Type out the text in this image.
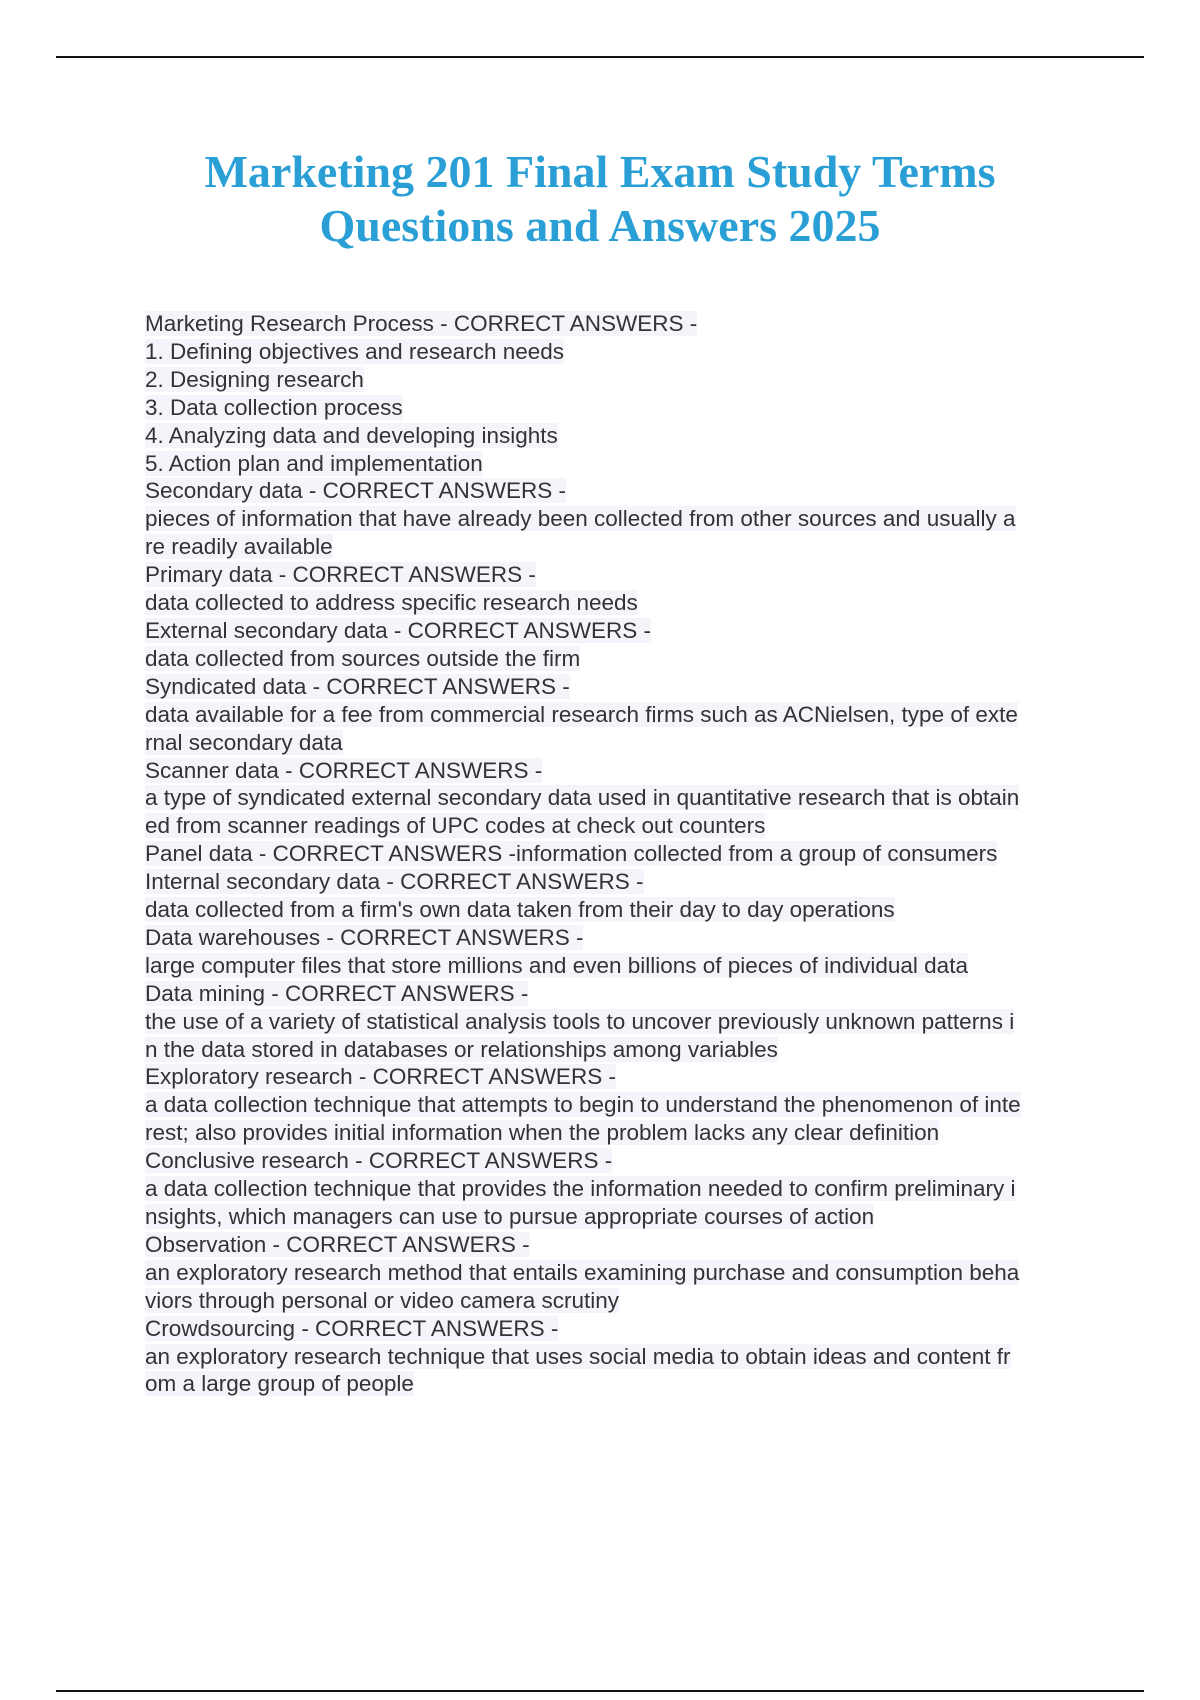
Marketing 201 Final Exam Study Terms
Questions and Answers 2025
Marketing Research Process - CORRECT ANSWERS -
1. Defining objectives and research needs
2. Designing research
3. Data collection process
4. Analyzing data and developing insights
5. Action plan and implementation
Secondary data - CORRECT ANSWERS -
pieces of information that have already been collected from other sources and usually a
re readily available
Primary data - CORRECT ANSWERS -
data collected to address specific research needs
External secondary data - CORRECT ANSWERS -
data collected from sources outside the firm
Syndicated data - CORRECT ANSWERS -
data available for a fee from commercial research firms such as ACNielsen, type of exte
rnal secondary data
Scanner data - CORRECT ANSWERS -
a type of syndicated external secondary data used in quantitative research that is obtain
ed from scanner readings of UPC codes at check out counters
Panel data - CORRECT ANSWERS -information collected from a group of consumers
Internal secondary data - CORRECT ANSWERS -
data collected from a firm's own data taken from their day to day operations
Data warehouses - CORRECT ANSWERS -
large computer files that store millions and even billions of pieces of individual data
Data mining - CORRECT ANSWERS -
the use of a variety of statistical analysis tools to uncover previously unknown patterns i
n the data stored in databases or relationships among variables
Exploratory research - CORRECT ANSWERS -
a data collection technique that attempts to begin to understand the phenomenon of inte
rest; also provides initial information when the problem lacks any clear definition
Conclusive research - CORRECT ANSWERS -
a data collection technique that provides the information needed to confirm preliminary i
nsights, which managers can use to pursue appropriate courses of action
Observation - CORRECT ANSWERS -
an exploratory research method that entails examining purchase and consumption beha
viors through personal or video camera scrutiny
Crowdsourcing - CORRECT ANSWERS -
an exploratory research technique that uses social media to obtain ideas and content fr
om a large group of people
